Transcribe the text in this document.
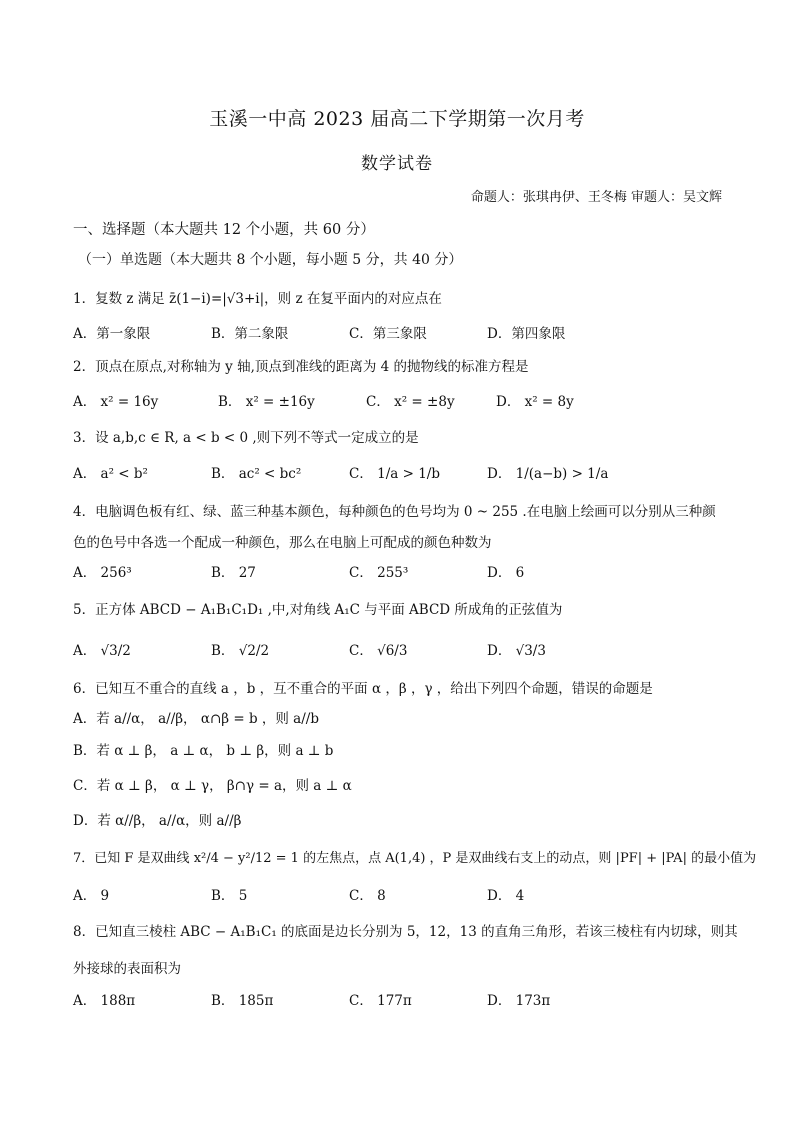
玉溪一中高 2023 届高二下学期第一次月考
数学试卷
命题人：张琪冉伊、王冬梅 审题人：吴文辉
一、选择题（本大题共 12 个小题，共 60 分）
（一）单选题（本大题共 8 个小题，每小题 5 分，共 40 分）
1．复数 z 满足 z̄(1−i)=|√3+i|，则 z 在复平面内的对应点在
A．第一象限	B．第二象限	C．第三象限	D．第四象限
2．顶点在原点,对称轴为 y 轴,顶点到准线的距离为 4 的抛物线的标准方程是
A． x² = 16y	B． x² = ±16y	C． x² = ±8y	D． x² = 8y
3．设 a,b,c ∈ R, a < b < 0 ,则下列不等式一定成立的是
A． a² < b²	B． ac² < bc²	C． 1/a > 1/b	D． 1/(a−b) > 1/a
4．电脑调色板有红、绿、蓝三种基本颜色，每种颜色的色号均为 0 ~ 255 .在电脑上绘画可以分别从三种颜
色的色号中各选一个配成一种颜色，那么在电脑上可配成的颜色种数为
A． 256³	B． 27	C． 255³	D． 6
5．正方体 ABCD − A₁B₁C₁D₁ ,中,对角线 A₁C 与平面 ABCD 所成角的正弦值为
A． √3/2	B． √2/2	C． √6/3	D． √3/3
6．已知互不重合的直线 a ，b ，互不重合的平面 α ，β ，γ ，给出下列四个命题，错误的命题是
A．若 a//α， a//β， α∩β = b ，则 a//b
B．若 α ⊥ β， a ⊥ α， b ⊥ β，则 a ⊥ b
C．若 α ⊥ β， α ⊥ γ， β∩γ = a，则 a ⊥ α
D．若 α//β， a//α，则 a//β
7．已知 F 是双曲线 x²/4 − y²/12 = 1 的左焦点，点 A(1,4) ，P 是双曲线右支上的动点，则 |PF| + |PA| 的最小值为
A． 9	B． 5	C． 8	D． 4
8．已知直三棱柱 ABC − A₁B₁C₁ 的底面是边长分别为 5，12，13 的直角三角形，若该三棱柱有内切球，则其
外接球的表面积为
A． 188π	B． 185π	C． 177π	D． 173π
